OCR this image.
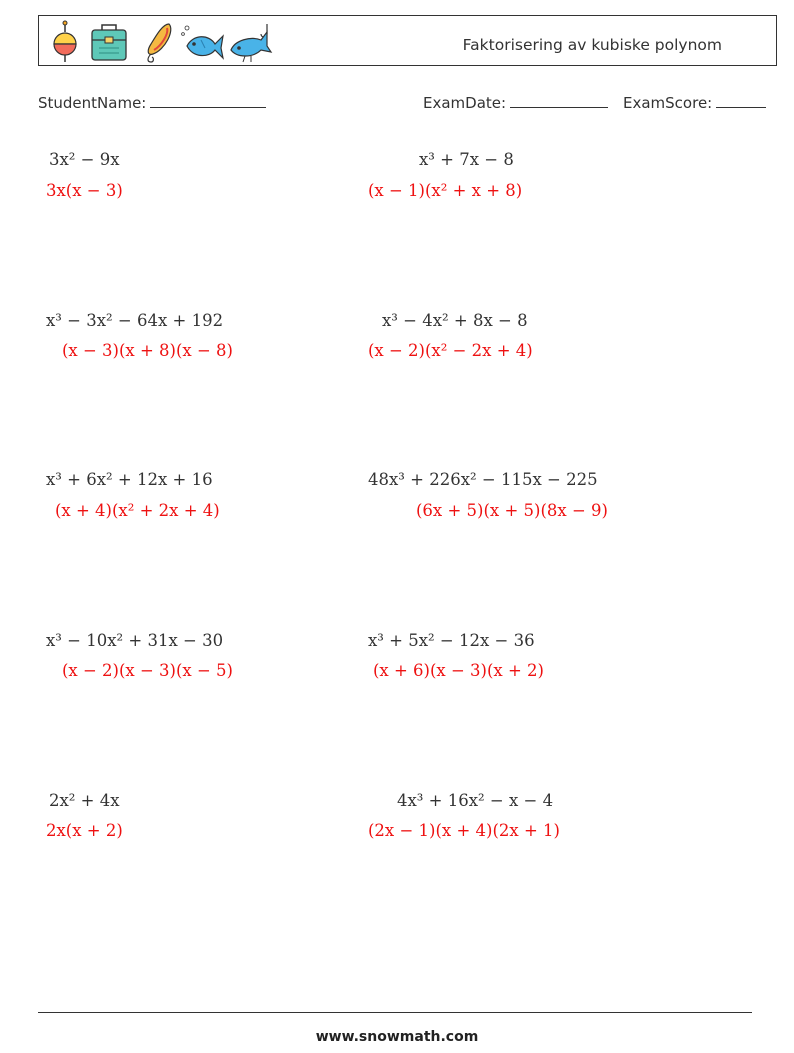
Faktorisering av kubiske polynom
StudentName:	ExamDate:	ExamScore:
3x² − 9x
3x(x − 3)
x³ + 7x − 8
(x − 1)(x² + x + 8)
x³ − 3x² − 64x + 192
(x − 3)(x + 8)(x − 8)
x³ − 4x² + 8x − 8
(x − 2)(x² − 2x + 4)
x³ + 6x² + 12x + 16
(x + 4)(x² + 2x + 4)
48x³ + 226x² − 115x − 225
(6x + 5)(x + 5)(8x − 9)
x³ − 10x² + 31x − 30
(x − 2)(x − 3)(x − 5)
x³ + 5x² − 12x − 36
(x + 6)(x − 3)(x + 2)
2x² + 4x
2x(x + 2)
4x³ + 16x² − x − 4
(2x − 1)(x + 4)(2x + 1)
www.snowmath.com
